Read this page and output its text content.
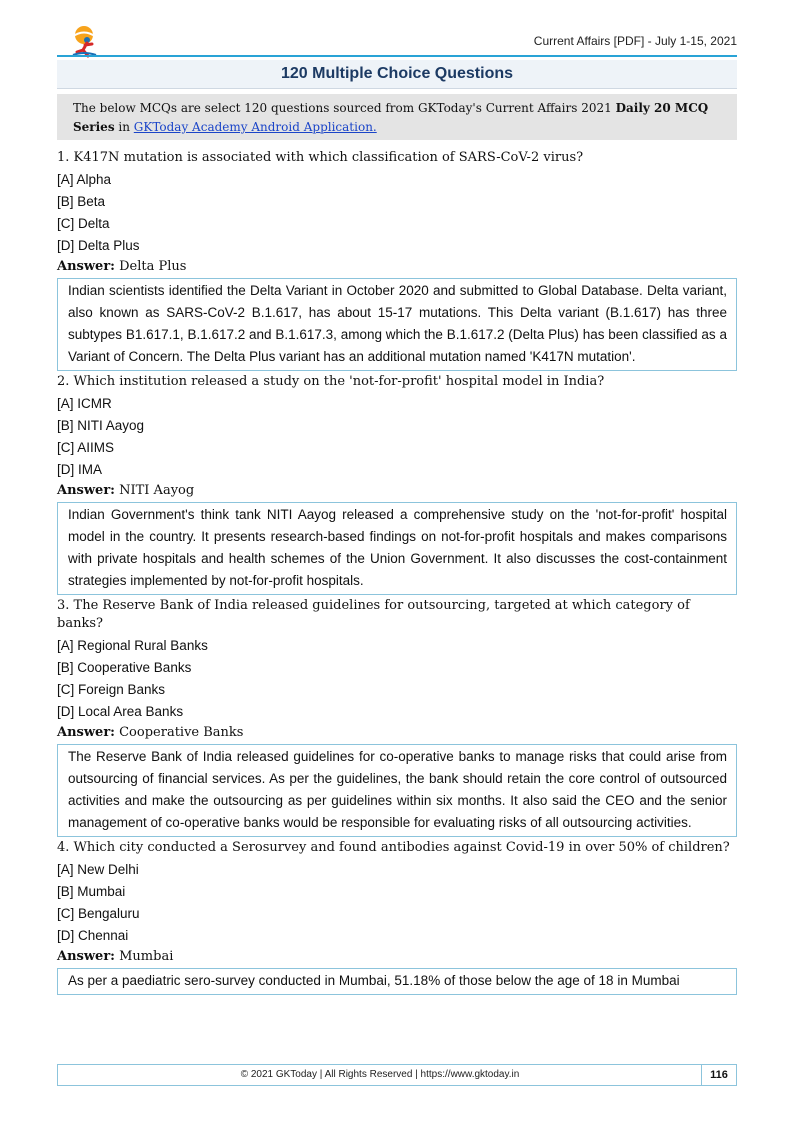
Current Affairs [PDF] - July 1-15, 2021
120 Multiple Choice Questions
The below MCQs are select 120 questions sourced from GKToday's Current Affairs 2021 Daily 20 MCQ Series in GKToday Academy Android Application.
1. K417N mutation is associated with which classification of SARS-CoV-2 virus?
[A] Alpha
[B] Beta
[C] Delta
[D] Delta Plus
Answer: Delta Plus
Indian scientists identified the Delta Variant in October 2020 and submitted to Global Database. Delta variant, also known as SARS-CoV-2 B.1.617, has about 15-17 mutations. This Delta variant (B.1.617) has three subtypes B1.617.1, B.1.617.2 and B.1.617.3, among which the B.1.617.2 (Delta Plus) has been classified as a Variant of Concern. The Delta Plus variant has an additional mutation named 'K417N mutation'.
2. Which institution released a study on the 'not-for-profit' hospital model in India?
[A] ICMR
[B] NITI Aayog
[C] AIIMS
[D] IMA
Answer: NITI Aayog
Indian Government's think tank NITI Aayog released a comprehensive study on the 'not-for-profit' hospital model in the country. It presents research-based findings on not-for-profit hospitals and makes comparisons with private hospitals and health schemes of the Union Government. It also discusses the cost-containment strategies implemented by not-for-profit hospitals.
3. The Reserve Bank of India released guidelines for outsourcing, targeted at which category of banks?
[A] Regional Rural Banks
[B] Cooperative Banks
[C] Foreign Banks
[D] Local Area Banks
Answer: Cooperative Banks
The Reserve Bank of India released guidelines for co-operative banks to manage risks that could arise from outsourcing of financial services. As per the guidelines, the bank should retain the core control of outsourced activities and make the outsourcing as per guidelines within six months. It also said the CEO and the senior management of co-operative banks would be responsible for evaluating risks of all outsourcing activities.
4. Which city conducted a Serosurvey and found antibodies against Covid-19 in over 50% of children?
[A] New Delhi
[B] Mumbai
[C] Bengaluru
[D] Chennai
Answer: Mumbai
As per a paediatric sero-survey conducted in Mumbai, 51.18% of those below the age of 18 in Mumbai
© 2021 GKToday | All Rights Reserved | https://www.gktoday.in	116
